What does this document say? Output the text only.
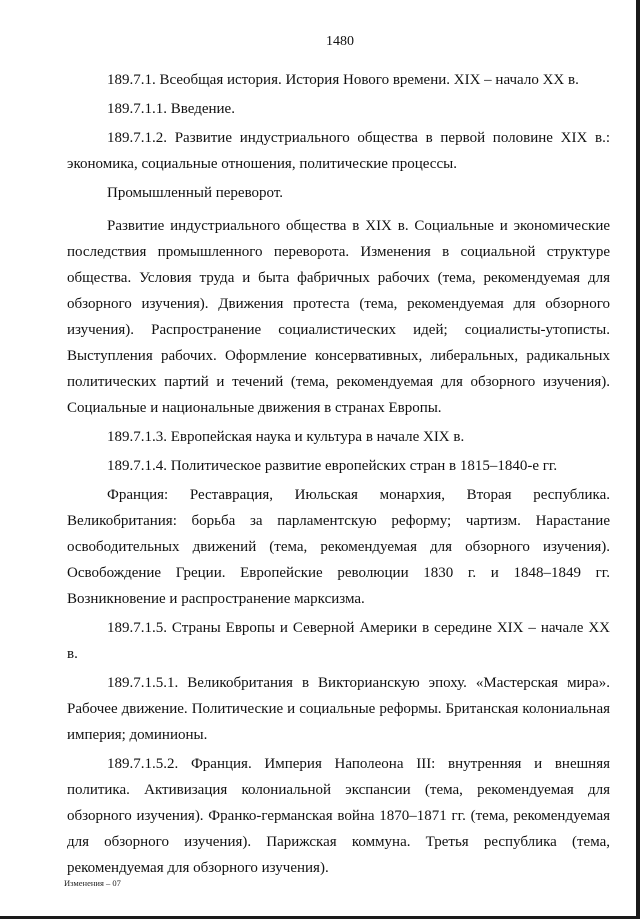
1480

189.7.1. Всеобщая история. История Нового времени. XIX – начало XX в.

189.7.1.1. Введение.

189.7.1.2. Развитие индустриального общества в первой половине XIX в.: экономика, социальные отношения, политические процессы.

Промышленный переворот.

Развитие индустриального общества в XIX в. Социальные и экономические последствия промышленного переворота. Изменения в социальной структуре общества. Условия труда и быта фабричных рабочих (тема, рекомендуемая для обзорного изучения). Движения протеста (тема, рекомендуемая для обзорного изучения). Распространение социалистических идей; социалисты-утописты. Выступления рабочих. Оформление консервативных, либеральных, радикальных политических партий и течений (тема, рекомендуемая для обзорного изучения). Социальные и национальные движения в странах Европы.

189.7.1.3. Европейская наука и культура в начале XIX в.

189.7.1.4. Политическое развитие европейских стран в 1815–1840-е гг.

Франция: Реставрация, Июльская монархия, Вторая республика. Великобритания: борьба за парламентскую реформу; чартизм. Нарастание освободительных движений (тема, рекомендуемая для обзорного изучения). Освобождение Греции. Европейские революции 1830 г. и 1848–1849 гг. Возникновение и распространение марксизма.

189.7.1.5. Страны Европы и Северной Америки в середине XIX – начале XX в.

189.7.1.5.1. Великобритания в Викторианскую эпоху. «Мастерская мира». Рабочее движение. Политические и социальные реформы. Британская колониальная империя; доминионы.

189.7.1.5.2. Франция. Империя Наполеона III: внутренняя и внешняя политика. Активизация колониальной экспансии (тема, рекомендуемая для обзорного изучения). Франко-германская война 1870–1871 гг. (тема, рекомендуемая для обзорного изучения). Парижская коммуна. Третья республика (тема, рекомендуемая для обзорного изучения).

Изменения – 07
